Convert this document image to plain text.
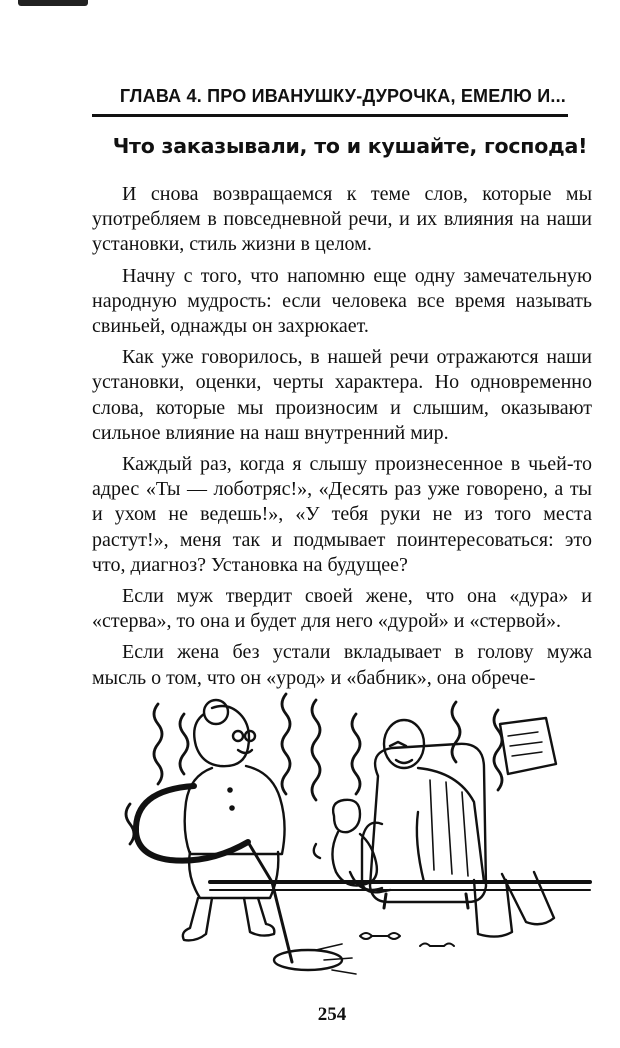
ГЛАВА 4. ПРО ИВАНУШКУ-ДУРОЧКА, ЕМЕЛЮ И...
Что заказывали, то и кушайте, господа!

И снова возвращаемся к теме слов, которые мы употребляем в повседневной речи, и их влияния на наши установки, стиль жизни в целом.

Начну с того, что напомню еще одну замечательную народную мудрость: если человека все время называть свиньей, однажды он захрюкает.

Как уже говорилось, в нашей речи отражаются наши установки, оценки, черты характера. Но одновременно слова, которые мы произносим и слышим, оказывают сильное влияние на наш внутренний мир.

Каждый раз, когда я слышу произнесенное в чьей-то адрес «Ты — лоботряс!», «Десять раз уже говорено, а ты и ухом не ведешь!», «У тебя руки не из того места растут!», меня так и подмывает поинтересоваться: это что, диагноз? Установка на будущее?

Если муж твердит своей жене, что она «дура» и «стерва», то она и будет для него «дурой» и «стервой».

Если жена без устали вкладывает в голову мужа мысль о том, что он «урод» и «бабник», она обрече-

254
